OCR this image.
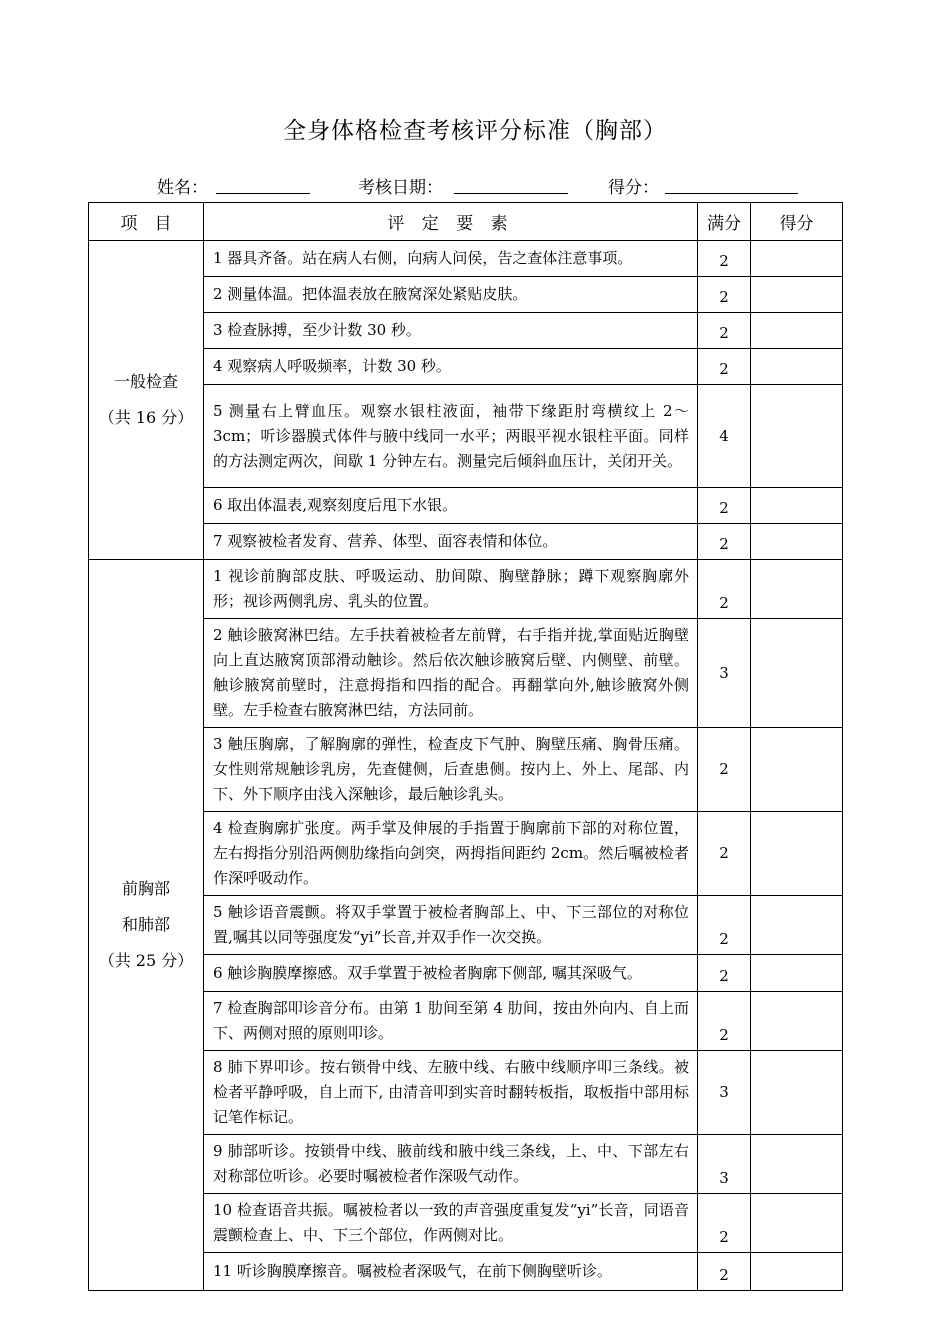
全身体格检查考核评分标准（胸部）
姓名：	考核日期：	得分：
项　目	评 定 要 素	满分	得分

一般检查
（共 16 分）	1 器具齐备。站在病人右侧，向病人问侯，告之查体注意事项。	2	
	2 测量体温。把体温表放在腋窝深处紧贴皮肤。	2	
	3 检查脉搏，至少计数 30 秒。	2	
	4 观察病人呼吸频率，计数 30 秒。	2	
	5 测量右上臂血压。观察水银柱液面，袖带下缘距肘弯横纹上 2～3cm；听诊器膜式体件与腋中线同一水平；两眼平视水银柱平面。同样的方法测定两次，间歇 1 分钟左右。测量完后倾斜血压计，关闭开关。	4	
	6 取出体温表,观察刻度后甩下水银。	2	
	7 观察被检者发育、营养、体型、面容表情和体位。	2	

前胸部
和肺部
（共 25 分）	1 视诊前胸部皮肤、呼吸运动、肋间隙、胸壁静脉；蹲下观察胸廓外形；视诊两侧乳房、乳头的位置。	2	
	2 触诊腋窝淋巴结。左手扶着被检者左前臂，右手指并拢,掌面贴近胸壁向上直达腋窝顶部滑动触诊。然后依次触诊腋窝后壁、内侧壁、前壁。触诊腋窝前壁时，注意拇指和四指的配合。再翻掌向外,触诊腋窝外侧壁。左手检查右腋窝淋巴结，方法同前。	3	
	3 触压胸廓，了解胸廓的弹性，检查皮下气肿、胸壁压痛、胸骨压痛。女性则常规触诊乳房，先查健侧，后查患侧。按内上、外上、尾部、内下、外下顺序由浅入深触诊，最后触诊乳头。	2	
	4 检查胸廓扩张度。两手掌及伸展的手指置于胸廓前下部的对称位置，左右拇指分别沿两侧肋缘指向剑突，两拇指间距约 2cm。然后嘱被检者作深呼吸动作。	2	
	5 触诊语音震颤。将双手掌置于被检者胸部上、中、下三部位的对称位置,嘱其以同等强度发“yi”长音,并双手作一次交换。	2	
	6 触诊胸膜摩擦感。双手掌置于被检者胸廓下侧部, 嘱其深吸气。	2	
	7 检查胸部叩诊音分布。由第 1 肋间至第 4 肋间，按由外向内、自上而下、两侧对照的原则叩诊。	2	
	8 肺下界叩诊。按右锁骨中线、左腋中线、右腋中线顺序叩三条线。被检者平静呼吸，自上而下, 由清音叩到实音时翻转板指，取板指中部用标记笔作标记。	3	
	9 肺部听诊。按锁骨中线、腋前线和腋中线三条线，上、中、下部左右对称部位听诊。必要时嘱被检者作深吸气动作。	3	
	10 检查语音共振。嘱被检者以一致的声音强度重复发“yi”长音，同语音震颤检查上、中、下三个部位，作两侧对比。	2	
	11 听诊胸膜摩擦音。嘱被检者深吸气，在前下侧胸壁听诊。	2	
